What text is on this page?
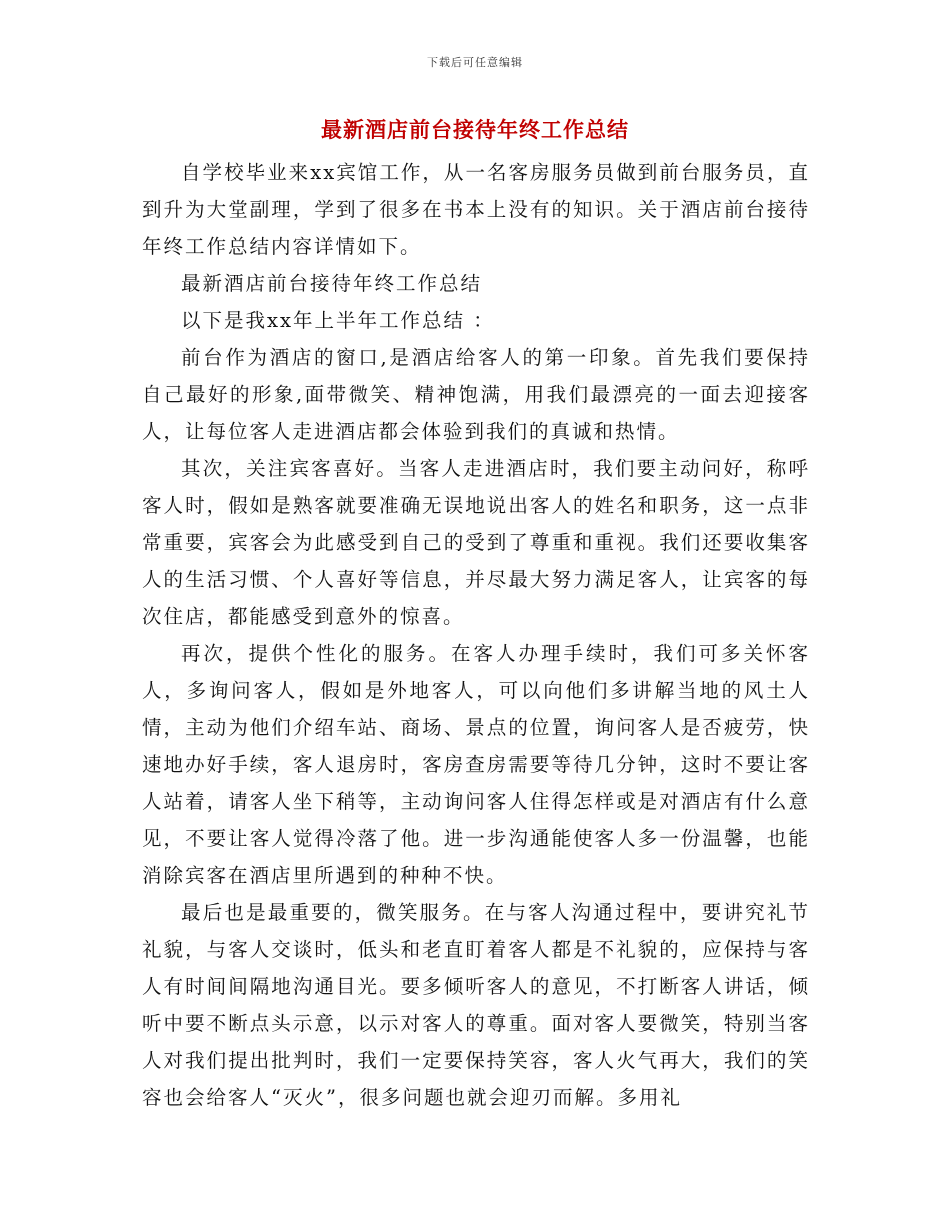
下载后可任意编辑
最新酒店前台接待年终工作总结

自学校毕业来xx宾馆工作，从一名客房服务员做到前台服务员，直到升为大堂副理，学到了很多在书本上没有的知识。关于酒店前台接待年终工作总结内容详情如下。

最新酒店前台接待年终工作总结

以下是我xx年上半年工作总结 ：

前台作为酒店的窗口,是酒店给客人的第一印象。首先我们要保持自己最好的形象,面带微笑、精神饱满，用我们最漂亮的一面去迎接客人，让每位客人走进酒店都会体验到我们的真诚和热情。

其次，关注宾客喜好。当客人走进酒店时，我们要主动问好，称呼客人时，假如是熟客就要准确无误地说出客人的姓名和职务，这一点非常重要，宾客会为此感受到自己的受到了尊重和重视。我们还要收集客人的生活习惯、个人喜好等信息，并尽最大努力满足客人，让宾客的每次住店，都能感受到意外的惊喜。

再次，提供个性化的服务。在客人办理手续时，我们可多关怀客人，多询问客人，假如是外地客人，可以向他们多讲解当地的风土人情，主动为他们介绍车站、商场、景点的位置，询问客人是否疲劳，快速地办好手续，客人退房时，客房查房需要等待几分钟，这时不要让客人站着，请客人坐下稍等，主动询问客人住得怎样或是对酒店有什么意见，不要让客人觉得冷落了他。进一步沟通能使客人多一份温馨，也能消除宾客在酒店里所遇到的种种不快。

最后也是最重要的，微笑服务。在与客人沟通过程中，要讲究礼节礼貌，与客人交谈时，低头和老直盯着客人都是不礼貌的，应保持与客人有时间间隔地沟通目光。要多倾听客人的意见，不打断客人讲话，倾听中要不断点头示意，以示对客人的尊重。面对客人要微笑，特别当客人对我们提出批判时，我们一定要保持笑容，客人火气再大，我们的笑容也会给客人“灭火”，很多问题也就会迎刃而解。多用礼
